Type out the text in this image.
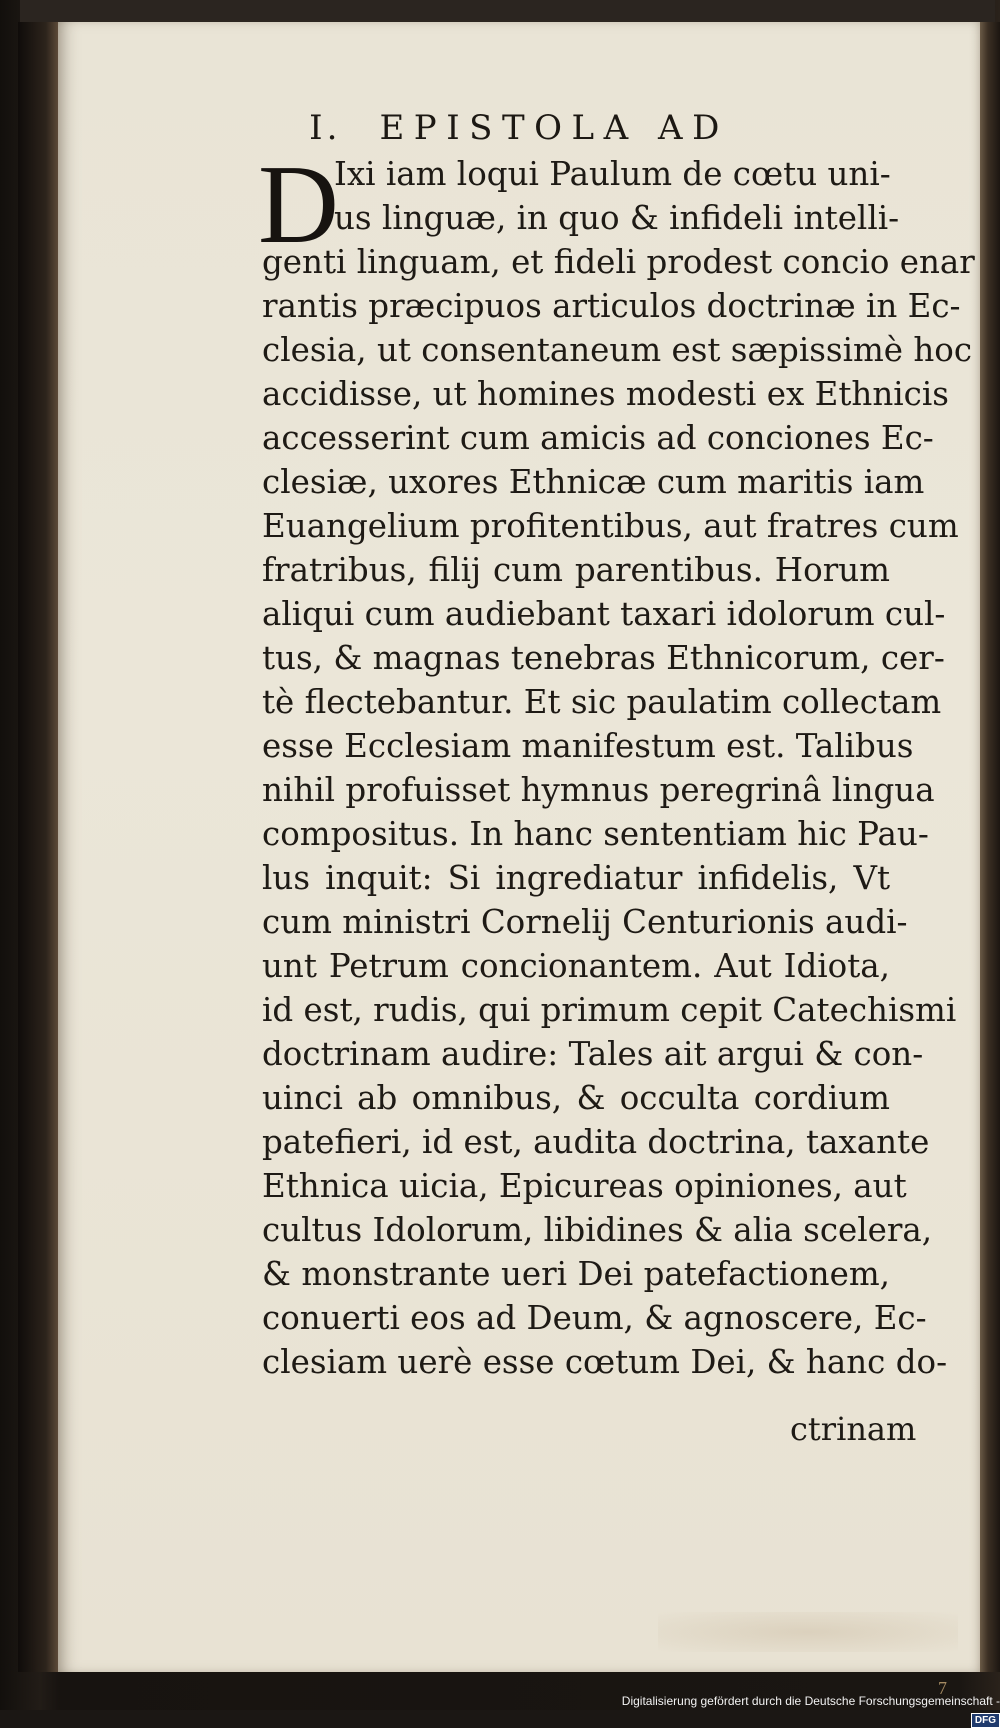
I. EPISTOLA AD
D
Ixi iam loqui Paulum de cœtu uni-
us linguæ, in quo & infideli intelli-
genti linguam, et fideli prodest concio enar
rantis præcipuos articulos doctrinæ in Ec-
clesia, ut consentaneum est sæpissimè hoc
accidisse, ut homines modesti ex Ethnicis
accesserint cum amicis ad conciones Ec-
clesiæ, uxores Ethnicæ cum maritis iam
Euangelium profitentibus, aut fratres cum
fratribus, filij cum parentibus. Horum
aliqui cum audiebant taxari idolorum cul-
tus, & magnas tenebras Ethnicorum, cer-
tè flectebantur. Et sic paulatim collectam
esse Ecclesiam manifestum est. Talibus
nihil profuisset hymnus peregrinâ lingua
compositus. In hanc sententiam hic Pau-
lus inquit: Si ingrediatur infidelis, Vt
cum ministri Cornelij Centurionis audi-
unt Petrum concionantem. Aut Idiota,
id est, rudis, qui primum cepit Catechismi
doctrinam audire: Tales ait argui & con-
uinci ab omnibus, & occulta cordium
patefieri, id est, audita doctrina, taxante
Ethnica uicia, Epicureas opiniones, aut
cultus Idolorum, libidines & alia scelera,
& monstrante ueri Dei patefactionem,
conuerti eos ad Deum, & agnoscere, Ec-
clesiam uerè esse cœtum Dei, & hanc do-
ctrinam
7
Digitalisierung gefördert durch die Deutsche Forschungsgemeinschaft -DFG
